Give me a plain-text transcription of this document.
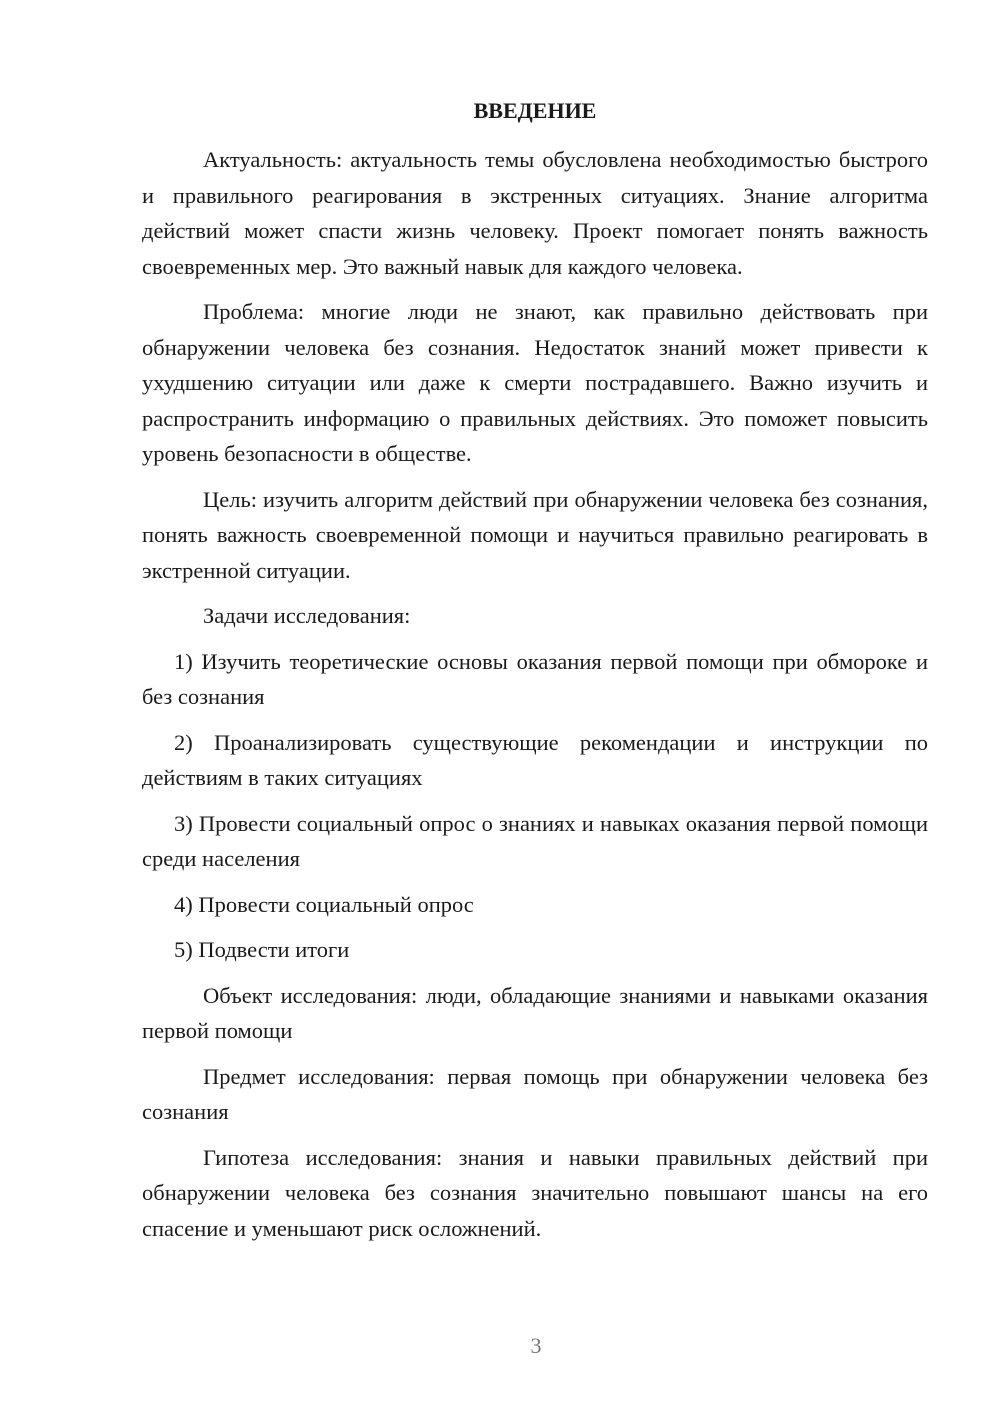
ВВЕДЕНИЕ

Актуальность: актуальность темы обусловлена необходимостью быстрого и правильного реагирования в экстренных ситуациях. Знание алгоритма действий может спасти жизнь человеку. Проект помогает понять важность своевременных мер. Это важный навык для каждого человека.

Проблема: многие люди не знают, как правильно действовать при обнаружении человека без сознания. Недостаток знаний может привести к ухудшению ситуации или даже к смерти пострадавшего. Важно изучить и распространить информацию о правильных действиях. Это поможет повысить уровень безопасности в обществе.

Цель: изучить алгоритм действий при обнаружении человека без сознания, понять важность своевременной помощи и научиться правильно реагировать в экстренной ситуации.

Задачи исследования:

1) Изучить теоретические основы оказания первой помощи при обмороке и без сознания

2) Проанализировать существующие рекомендации и инструкции по действиям в таких ситуациях

3) Провести социальный опрос о знаниях и навыках оказания первой помощи среди населения

4) Провести социальный опрос

5) Подвести итоги

Объект исследования: люди, обладающие знаниями и навыками оказания первой помощи

Предмет исследования: первая помощь при обнаружении человека без сознания

Гипотеза исследования: знания и навыки правильных действий при обнаружении человека без сознания значительно повышают шансы на его спасение и уменьшают риск осложнений.

3
